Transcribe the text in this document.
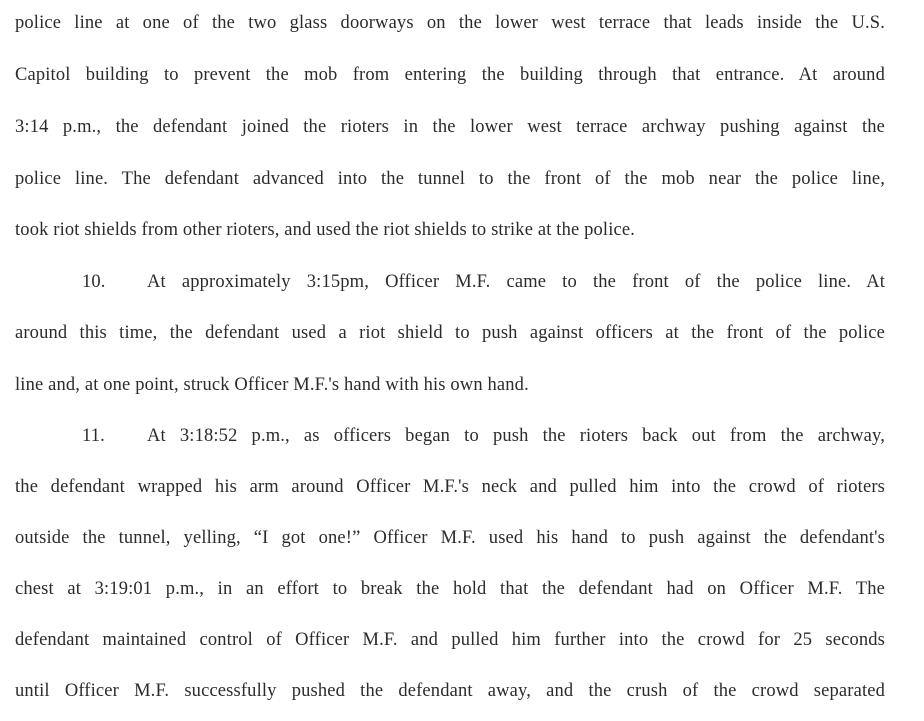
police line at one of the two glass doorways on the lower west terrace that leads inside the U.S.
Capitol building to prevent the mob from entering the building through that entrance. At around
3:14 p.m., the defendant joined the rioters in the lower west terrace archway pushing against the
police line. The defendant advanced into the tunnel to the front of the mob near the police line,
took riot shields from other rioters, and used the riot shields to strike at the police.
10.	At approximately 3:15pm, Officer M.F. came to the front of the police line. At
around this time, the defendant used a riot shield to push against officers at the front of the police
line and, at one point, struck Officer M.F.'s hand with his own hand.
11.	At 3:18:52 p.m., as officers began to push the rioters back out from the archway,
the defendant wrapped his arm around Officer M.F.'s neck and pulled him into the crowd of rioters
outside the tunnel, yelling, “I got one!” Officer M.F. used his hand to push against the defendant's
chest at 3:19:01 p.m., in an effort to break the hold that the defendant had on Officer M.F. The
defendant maintained control of Officer M.F. and pulled him further into the crowd for 25 seconds
until Officer M.F. successfully pushed the defendant away, and the crush of the crowd separated
